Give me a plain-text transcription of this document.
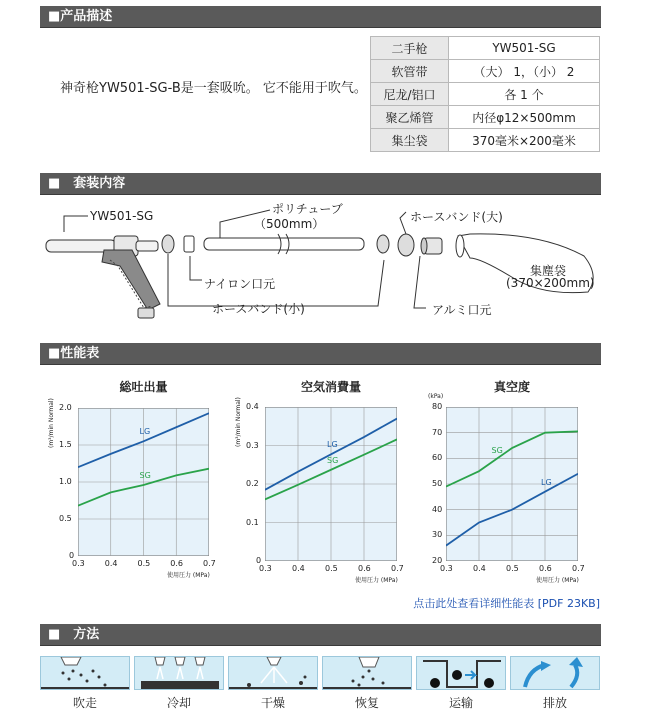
■产品描述
神奇枪YW501-SG-B是一套吸吮。 它不能用于吹气。
二手枪	YW501-SG
软管带	（大） 1，（小） 2
尼龙/铝口	各 1 个
聚乙烯管	内径φ12×500mm
集尘袋	370毫米×200毫米
■　套装内容
YW501-SG	ポリチューブ
（500mm）	ホースバンド(大)
ナイロン口元
ホースバンド(小)	アルミ口元
集塵袋
(370×200mm)
■性能表
総吐出量
0
0.5
1.0
1.5
2.0
0.3	0.4	0.5	0.6	0.7
(m³/min Normal)
使用圧力 (MPa)
LG
SG
空気消費量
0
0.1
0.2
0.3
0.4
0.3	0.4	0.5	0.6	0.7
(m³/min Normal)
使用圧力 (MPa)
LG
SG
真空度
20
30
40
50
60
70
80
0.3	0.4	0.5	0.6	0.7
(kPa)
使用圧力 (MPa)
LG
SG
点击此处查看详细性能表 [PDF 23KB]
■　方法
吹走	冷却	干燥	恢复	运输	排放
